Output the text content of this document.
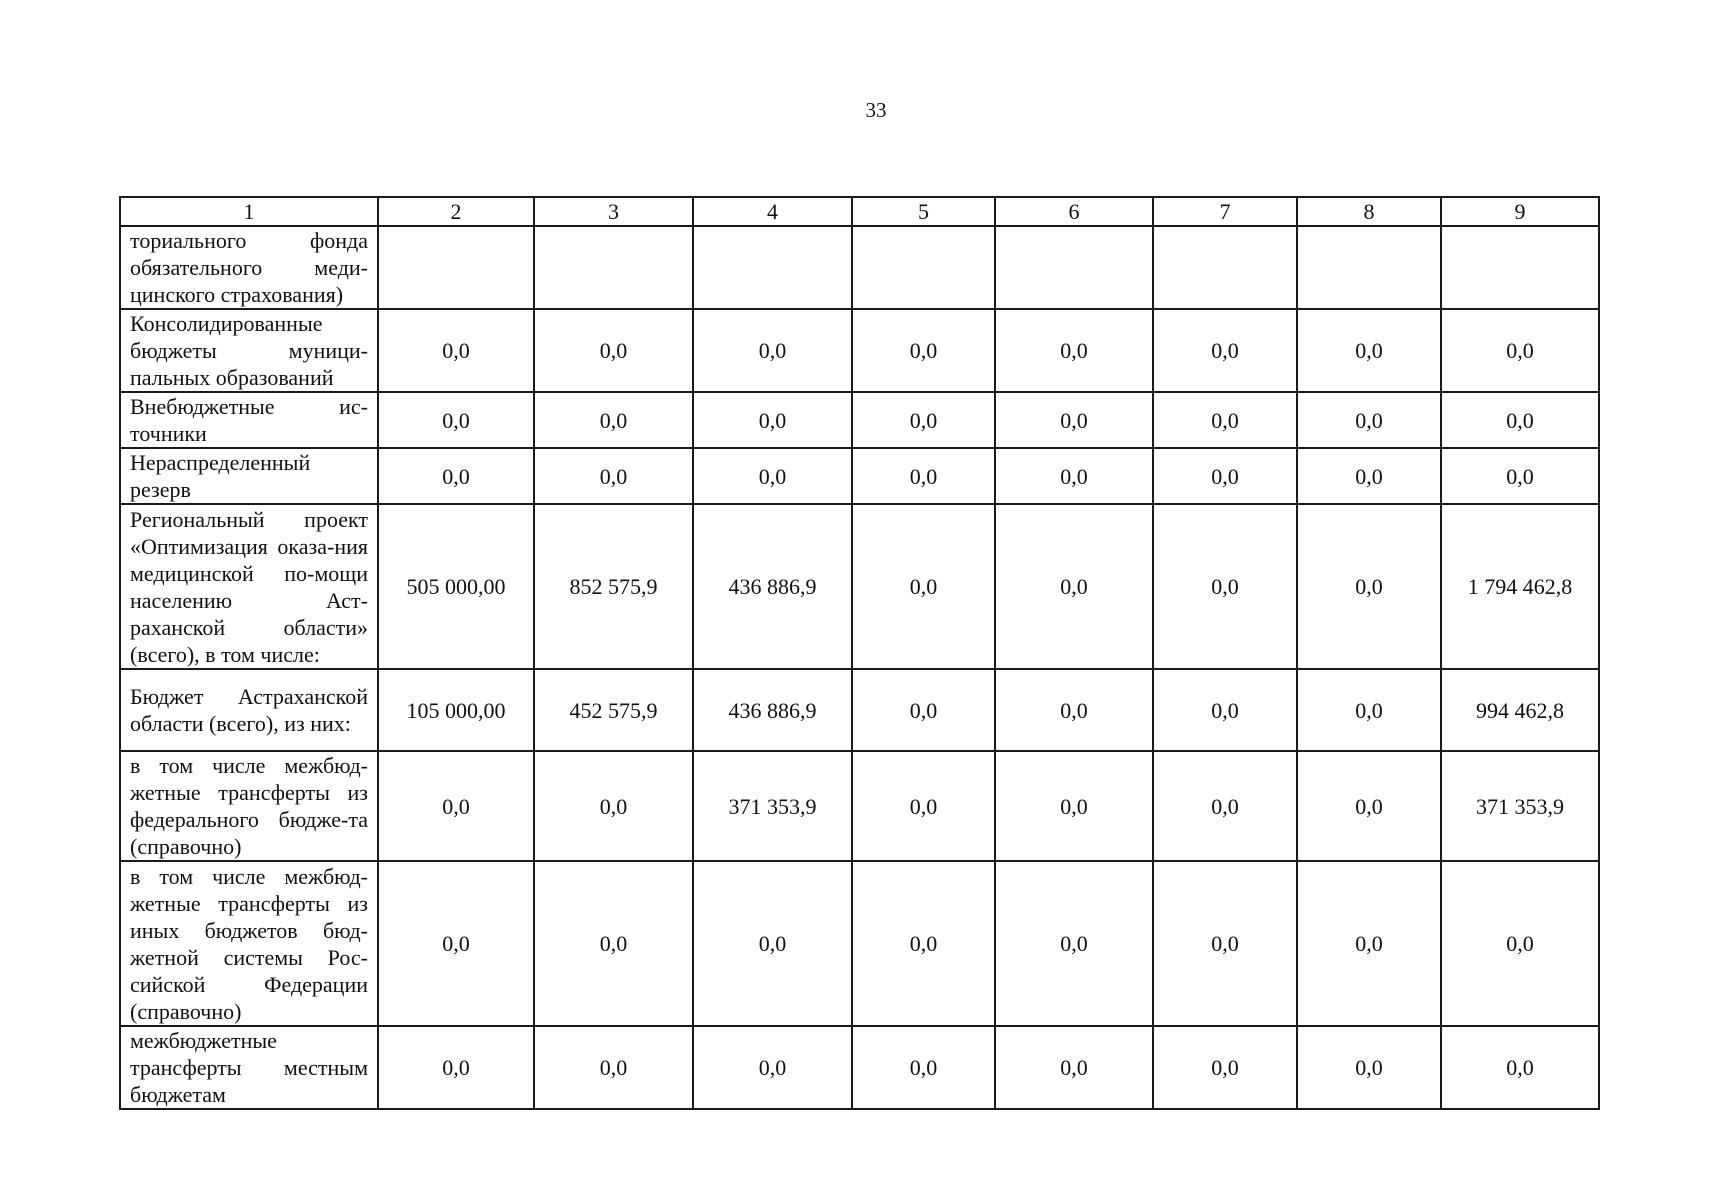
33
1	2	3	4	5	6	7	8	9
ториального фонда обязательного меди-цинского страхования)								
Консолидированные бюджеты муници-пальных образований	0,0	0,0	0,0	0,0	0,0	0,0	0,0	0,0
Внебюджетные ис-точники	0,0	0,0	0,0	0,0	0,0	0,0	0,0	0,0
Нераспределенный резерв	0,0	0,0	0,0	0,0	0,0	0,0	0,0	0,0
Региональный проект «Оптимизация оказа-ния медицинской по-мощи населению Аст-раханской области» (всего), в том числе:	505 000,00	852 575,9	436 886,9	0,0	0,0	0,0	0,0	1 794 462,8
Бюджет Астраханской области (всего), из них:	105 000,00	452 575,9	436 886,9	0,0	0,0	0,0	0,0	994 462,8
в том числе межбюд-жетные трансферты из федерального бюдже-та (справочно)	0,0	0,0	371 353,9	0,0	0,0	0,0	0,0	371 353,9
в том числе межбюд-жетные трансферты из иных бюджетов бюд-жетной системы Рос-сийской Федерации (справочно)	0,0	0,0	0,0	0,0	0,0	0,0	0,0	0,0
межбюджетные трансферты местным бюджетам	0,0	0,0	0,0	0,0	0,0	0,0	0,0	0,0
